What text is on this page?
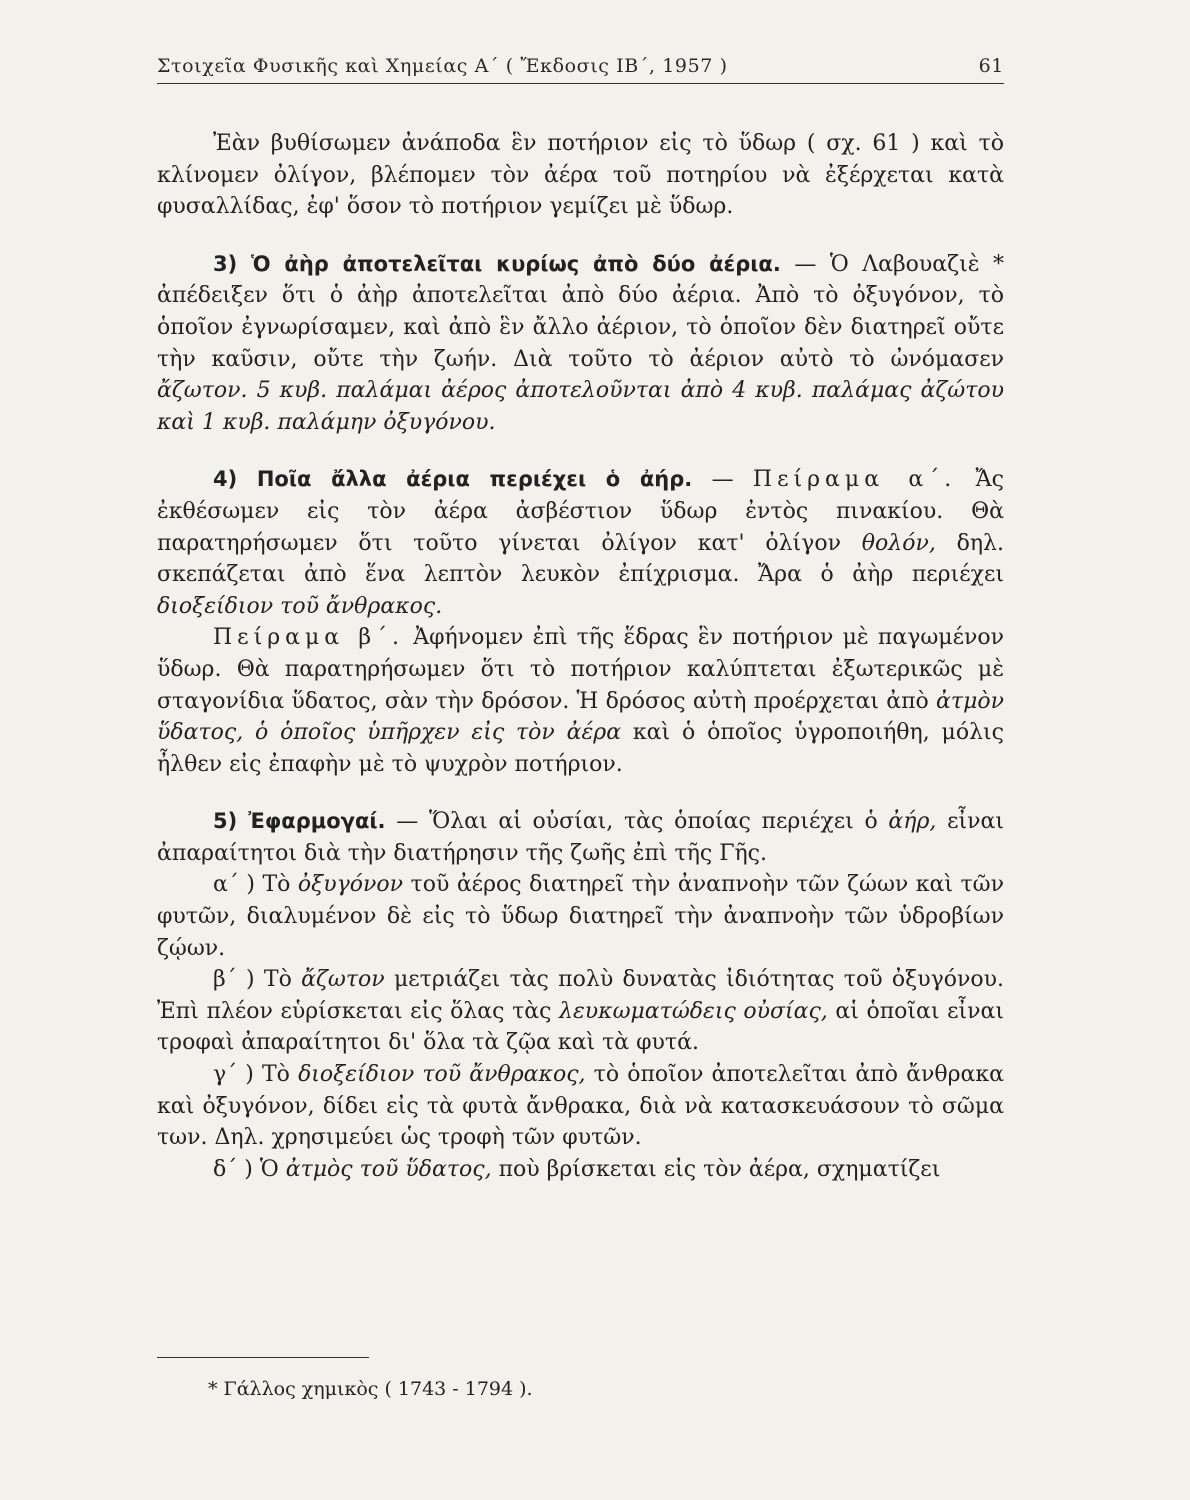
Στοιχεῖα Φυσικῆς καὶ Χημείας Α΄ ( Ἔκδοσις ΙΒ΄, 1957 )	61

Ἐὰν βυθίσωμεν ἀνάποδα ἓν ποτήριον εἰς τὸ ὕδωρ ( σχ. 61 ) καὶ τὸ κλίνομεν ὀλίγον, βλέπομεν τὸν ἀέρα τοῦ ποτηρίου νὰ ἐξέρχεται κατὰ φυσαλλίδας, ἐφ' ὅσον τὸ ποτήριον γεμίζει μὲ ὕδωρ.

3) Ὁ ἀὴρ ἀποτελεῖται κυρίως ἀπὸ δύο ἀέρια. — Ὁ Λαβουαζιὲ * ἀπέδειξεν ὅτι ὁ ἀὴρ ἀποτελεῖται ἀπὸ δύο ἀέρια. Ἀπὸ τὸ ὀξυγόνον, τὸ ὁποῖον ἐγνωρίσαμεν, καὶ ἀπὸ ἓν ἄλλο ἀέριον, τὸ ὁποῖον δὲν διατηρεῖ οὔτε τὴν καῦσιν, οὔτε τὴν ζωήν. Διὰ τοῦτο τὸ ἀέριον αὐτὸ τὸ ὠνόμασεν ἄζωτον. 5 κυβ. παλάμαι ἀέρος ἀποτελοῦνται ἀπὸ 4 κυβ. παλάμας ἀζώτου καὶ 1 κυβ. παλάμην ὀξυγόνου.

4) Ποῖα ἄλλα ἀέρια περιέχει ὁ ἀήρ. — Πείραμα α΄. Ἄς ἐκθέσωμεν εἰς τὸν ἀέρα ἀσβέστιον ὕδωρ ἐντὸς πινακίου. Θὰ παρατηρήσωμεν ὅτι τοῦτο γίνεται ὀλίγον κατ' ὀλίγον θολόν, δηλ. σκεπάζεται ἀπὸ ἕνα λεπτὸν λευκὸν ἐπίχρισμα. Ἄρα ὁ ἀὴρ περιέχει διοξείδιον τοῦ ἄνθρακος.

Πείραμα β΄. Ἀφήνομεν ἐπὶ τῆς ἕδρας ἓν ποτήριον μὲ παγωμένον ὕδωρ. Θὰ παρατηρήσωμεν ὅτι τὸ ποτήριον καλύπτεται ἐξωτερικῶς μὲ σταγονίδια ὕδατος, σὰν τὴν δρόσον. Ἡ δρόσος αὐτὴ προέρχεται ἀπὸ ἀτμὸν ὕδατος, ὁ ὁποῖος ὑπῆρχεν εἰς τὸν ἀέρα καὶ ὁ ὁποῖος ὑγροποιήθη, μόλις ἦλθεν εἰς ἐπαφὴν μὲ τὸ ψυχρὸν ποτήριον.

5) Ἐφαρμογαί. — Ὅλαι αἱ οὐσίαι, τὰς ὁποίας περιέχει ὁ ἀήρ, εἶναι ἀπαραίτητοι διὰ τὴν διατήρησιν τῆς ζωῆς ἐπὶ τῆς Γῆς.

α΄ ) Τὸ ὀξυγόνον τοῦ ἀέρος διατηρεῖ τὴν ἀναπνοὴν τῶν ζώων καὶ τῶν φυτῶν, διαλυμένον δὲ εἰς τὸ ὕδωρ διατηρεῖ τὴν ἀναπνοὴν τῶν ὑδροβίων ζῴων.

β΄ ) Τὸ ἄζωτον μετριάζει τὰς πολὺ δυνατὰς ἰδιότητας τοῦ ὀξυγόνου. Ἐπὶ πλέον εὑρίσκεται εἰς ὅλας τὰς λευκωματώδεις οὐσίας, αἱ ὁποῖαι εἶναι τροφαὶ ἀπαραίτητοι δι' ὅλα τὰ ζῷα καὶ τὰ φυτά.

γ΄ ) Τὸ διοξείδιον τοῦ ἄνθρακος, τὸ ὁποῖον ἀποτελεῖται ἀπὸ ἄνθρακα καὶ ὀξυγόνον, δίδει εἰς τὰ φυτὰ ἄνθρακα, διὰ νὰ κατασκευάσουν τὸ σῶμα των. Δηλ. χρησιμεύει ὡς τροφὴ τῶν φυτῶν.

δ΄ ) Ὁ ἀτμὸς τοῦ ὕδατος, ποὺ βρίσκεται εἰς τὸν ἀέρα, σχηματίζει

* Γάλλος χημικὸς ( 1743 - 1794 ).
